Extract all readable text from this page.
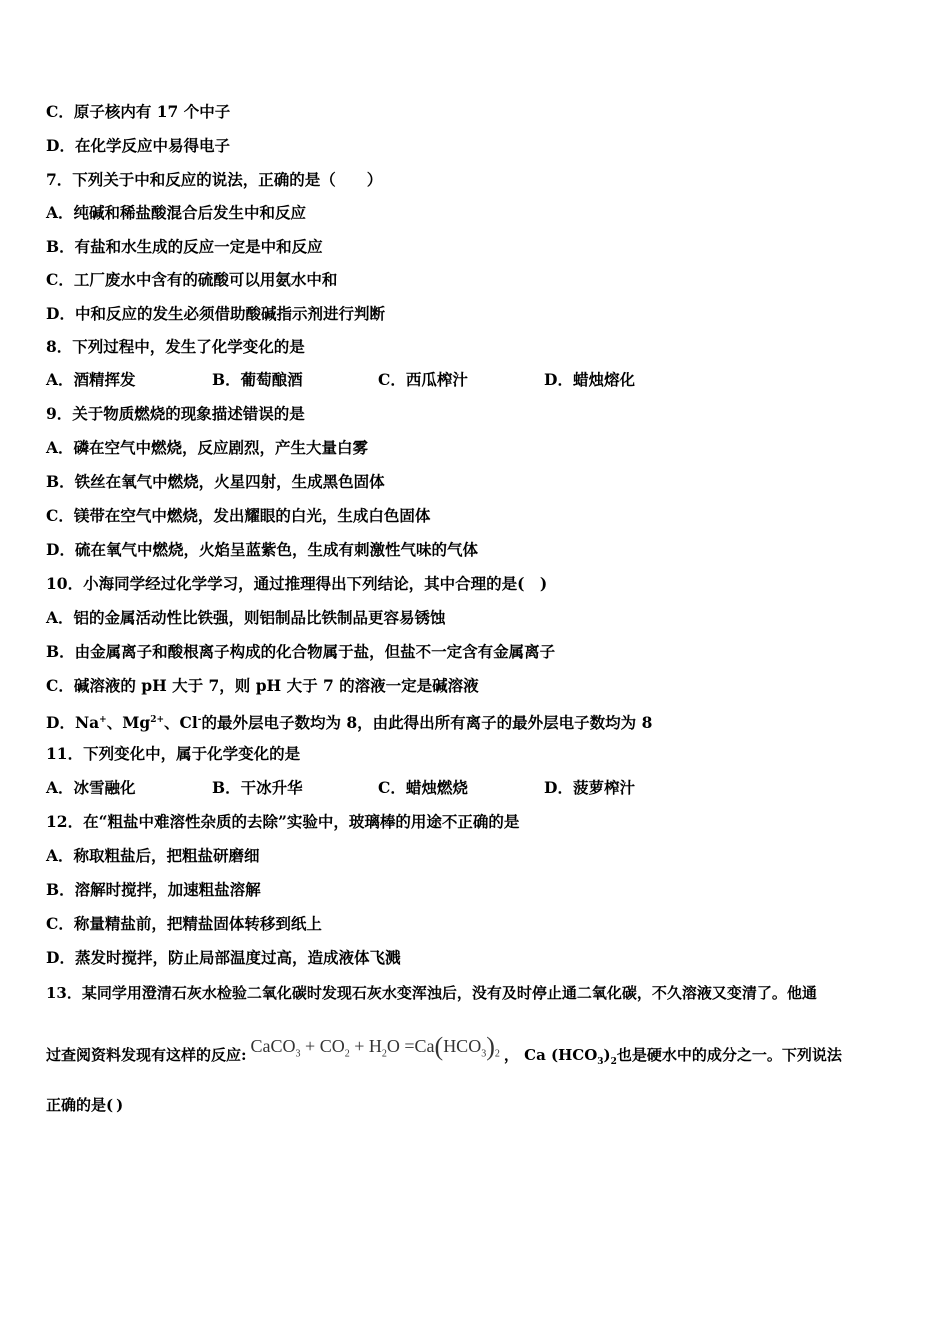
C．原子核内有 17 个中子
D．在化学反应中易得电子
7．下列关于中和反应的说法，正确的是（　　）
A．纯碱和稀盐酸混合后发生中和反应
B．有盐和水生成的反应一定是中和反应
C．工厂废水中含有的硫酸可以用氨水中和
D．中和反应的发生必须借助酸碱指示剂进行判断
8．下列过程中，发生了化学变化的是
A．酒精挥发	B．葡萄酿酒	C．西瓜榨汁	D．蜡烛熔化
9．关于物质燃烧的现象描述错误的是
A．磷在空气中燃烧，反应剧烈，产生大量白雾
B．铁丝在氧气中燃烧，火星四射，生成黑色固体
C．镁带在空气中燃烧，发出耀眼的白光，生成白色固体
D．硫在氧气中燃烧，火焰呈蓝紫色，生成有刺激性气味的气体
10．小海同学经过化学学习，通过推理得出下列结论，其中合理的是(　)
A．铝的金属活动性比铁强，则铝制品比铁制品更容易锈蚀
B．由金属离子和酸根离子构成的化合物属于盐，但盐不一定含有金属离子
C．碱溶液的 pH 大于 7，则 pH 大于 7 的溶液一定是碱溶液
D．Na+、$Mg^{2+}$、Cl-的最外层电子数均为 8，由此得出所有离子的最外层电子数均为 8
11．下列变化中，属于化学变化的是
A．冰雪融化	B．干冰升华	C．蜡烛燃烧	D．菠萝榨汁
12．在“粗盐中难溶性杂质的去除”实验中，玻璃棒的用途不正确的是
A．称取粗盐后，把粗盐研磨细
B．溶解时搅拌，加速粗盐溶解
C．称量精盐前，把精盐固体转移到纸上
D．蒸发时搅拌，防止局部温度过高，造成液体飞溅
13．某同学用澄清石灰水检验二氧化碳时发现石灰水变浑浊后，没有及时停止通二氧化碳，不久溶液又变清了。他通
过查阅资料发现有这样的反应: CaCO$_3$ + $CO_2 + H_2O =Ca(HCO_3)_2$ ， Ca $(HCO_3)_2$也是硬水中的成分之一。下列说法
正确的是( )
